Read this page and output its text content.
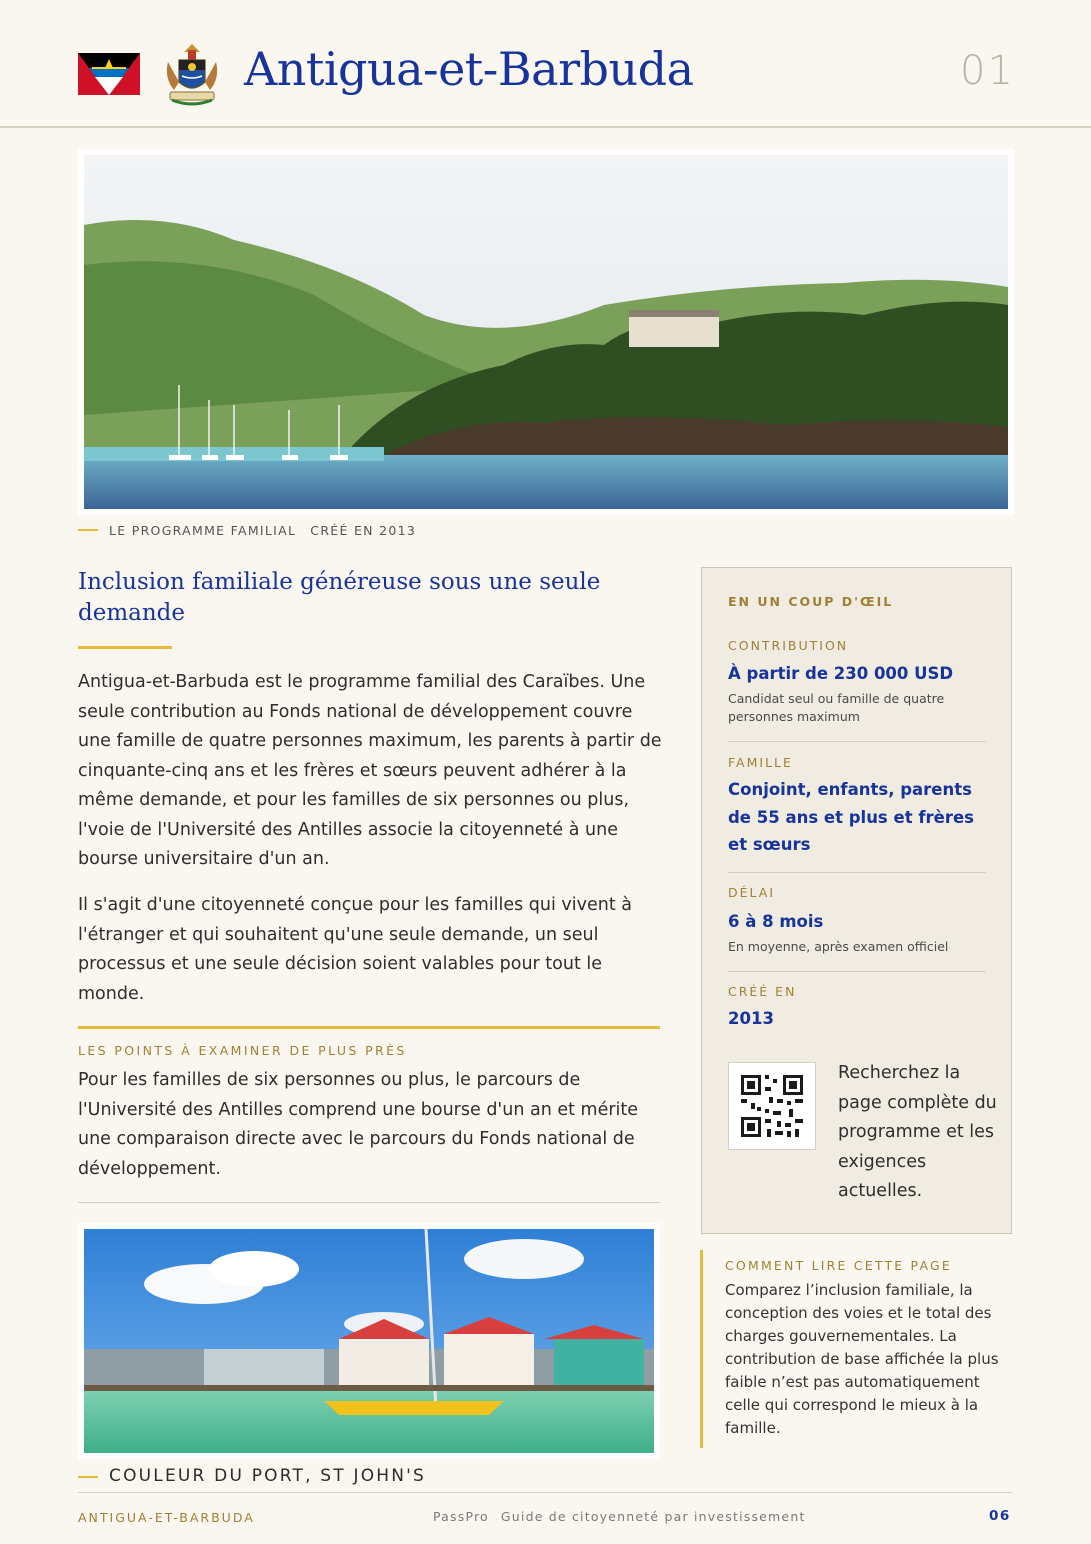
Antigua-et-Barbuda	01
LE PROGRAMME FAMILIAL CRÉÉ EN 2013
Inclusion familiale généreuse sous une seule demande

Antigua-et-Barbuda est le programme familial des Caraïbes. Une seule contribution au Fonds national de développement couvre une famille de quatre personnes maximum, les parents à partir de cinquante-cinq ans et les frères et sœurs peuvent adhérer à la même demande, et pour les familles de six personnes ou plus, l'voie de l'Université des Antilles associe la citoyenneté à une bourse universitaire d'un an.

Il s'agit d'une citoyenneté conçue pour les familles qui vivent à l'étranger et qui souhaitent qu'une seule demande, un seul processus et une seule décision soient valables pour tout le monde.

LES POINTS À EXAMINER DE PLUS PRÈS

Pour les familles de six personnes ou plus, le parcours de l'Université des Antilles comprend une bourse d'un an et mérite une comparaison directe avec le parcours du Fonds national de développement.

COULEUR DU PORT, ST JOHN'S
EN UN COUP D'ŒIL
CONTRIBUTION
À partir de 230 000 USD
Candidat seul ou famille de quatre personnes maximum
FAMILLE
Conjoint, enfants, parents de 55 ans et plus et frères et sœurs
DÉLAI
6 à 8 mois
En moyenne, après examen officiel
CRÉÉ EN
2013
Recherchez la page complète du programme et les exigences actuelles.
COMMENT LIRE CETTE PAGE
Comparez l’inclusion familiale, la conception des voies et le total des charges gouvernementales. La contribution de base affichée la plus faible n’est pas automatiquement celle qui correspond le mieux à la famille.
ANTIGUA-ET-BARBUDA	PassPro Guide de citoyenneté par investissement	06
